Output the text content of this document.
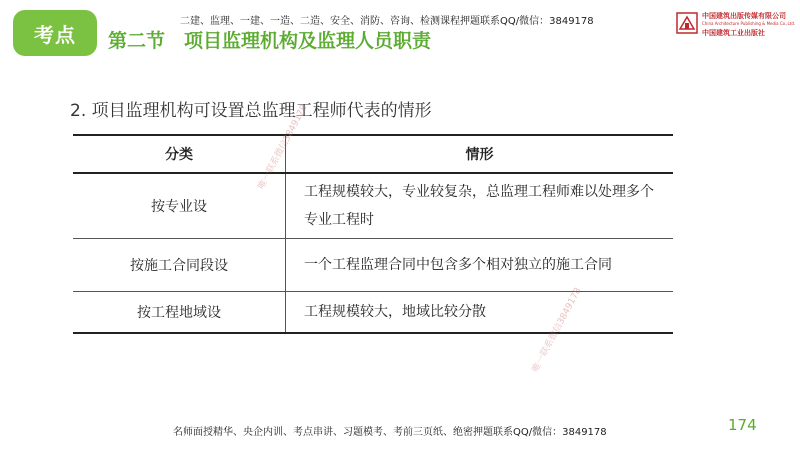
考点
二建、监理、一建、一造、二造、安全、消防、咨询、检测课程押题联系QQ/微信：3849178
第二节　项目监理机构及监理人员职责
中国建筑出版传媒有限公司
China Architecture Publishing & Media Co.,Ltd.
中国建筑工业出版社
2. 项目监理机构可设置总监理工程师代表的情形
分类	情形
按专业设	工程规模较大，专业较复杂，总监理工程师难以处理多个专业工程时
按施工合同段设	一个工程监理合同中包含多个相对独立的施工合同
按工程地域设	工程规模较大，地域比较分散
唯一联系微信3849178
唯一联系微信3849178
名师面授精华、央企内训、考点串讲、习题模考、考前三页纸、绝密押题联系QQ/微信：3849178	174
